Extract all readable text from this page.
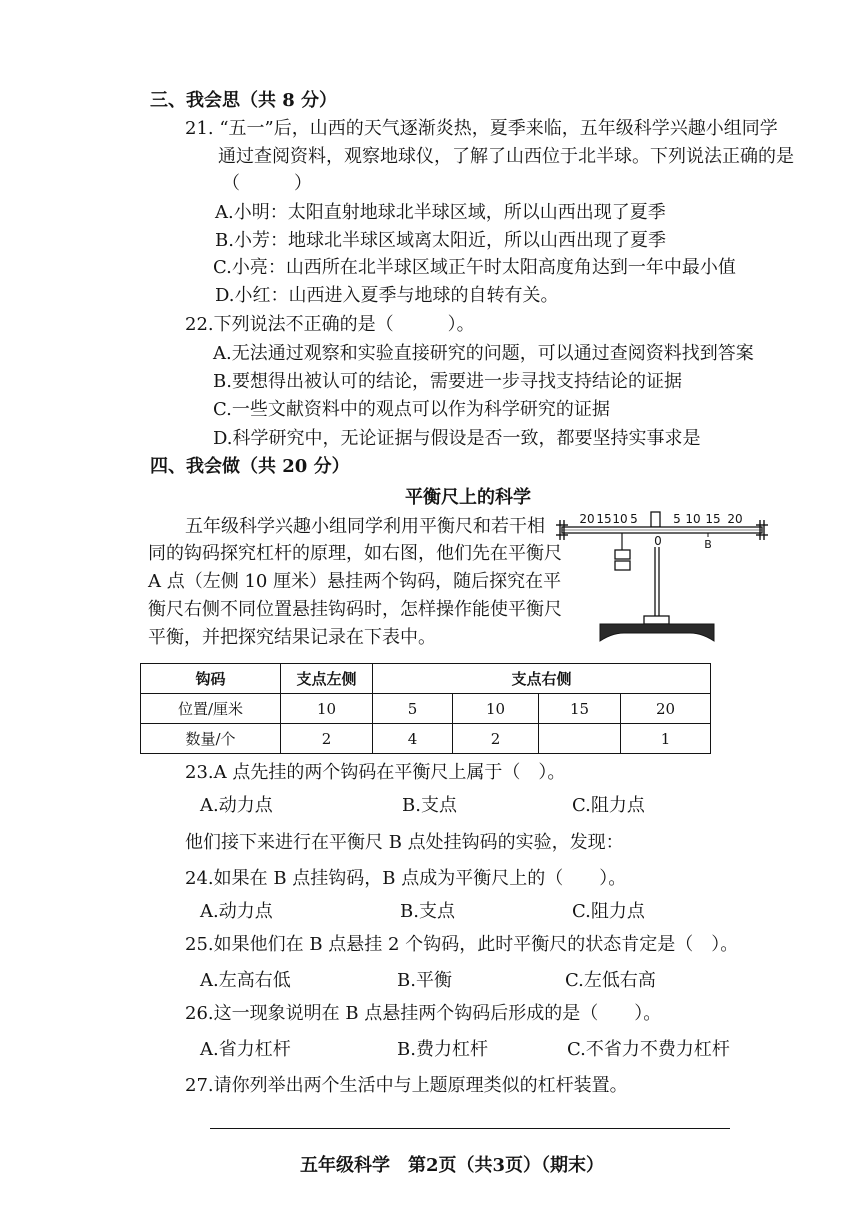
三、我会思（共 8 分）
21. “五一”后，山西的天气逐渐炎热，夏季来临，五年级科学兴趣小组同学
通过查阅资料，观察地球仪，了解了山西位于北半球。下列说法正确的是
（　　　）
A.小明：太阳直射地球北半球区域，所以山西出现了夏季
B.小芳：地球北半球区域离太阳近，所以山西出现了夏季
C.小亮：山西所在北半球区域正午时太阳高度角达到一年中最小值
D.小红：山西进入夏季与地球的自转有关。
22.下列说法不正确的是（　　　）。
A.无法通过观察和实验直接研究的问题，可以通过查阅资料找到答案
B.要想得出被认可的结论，需要进一步寻找支持结论的证据
C.一些文献资料中的观点可以作为科学研究的证据
D.科学研究中，无论证据与假设是否一致，都要坚持实事求是
四、我会做（共 20 分）
平衡尺上的科学
五年级科学兴趣小组同学利用平衡尺和若干相
同的钩码探究杠杆的原理，如右图，他们先在平衡尺
A 点（左侧 10 厘米）悬挂两个钩码，随后探究在平
衡尺右侧不同位置悬挂钩码时，怎样操作能使平衡尺
平衡，并把探究结果记录在下表中。
20 15 10 5	5 10 15 20
0	B
钩码	支点左侧	支点右侧			
位置/厘米	10	5	10	15	20
数量/个	2	4	2		1
23.A 点先挂的两个钩码在平衡尺上属于（　）。
A.动力点	B.支点	C.阻力点
他们接下来进行在平衡尺 B 点处挂钩码的实验，发现：
24.如果在 B 点挂钩码，B 点成为平衡尺上的（　　）。
A.动力点	B.支点	C.阻力点
25.如果他们在 B 点悬挂 2 个钩码，此时平衡尺的状态肯定是（　）。
A.左高右低	B.平衡	C.左低右高
26.这一现象说明在 B 点悬挂两个钩码后形成的是（　　）。
A.省力杠杆	B.费力杠杆	C.不省力不费力杠杆
27.请你列举出两个生活中与上题原理类似的杠杆装置。
五年级科学　第2页（共3页）（期末）
